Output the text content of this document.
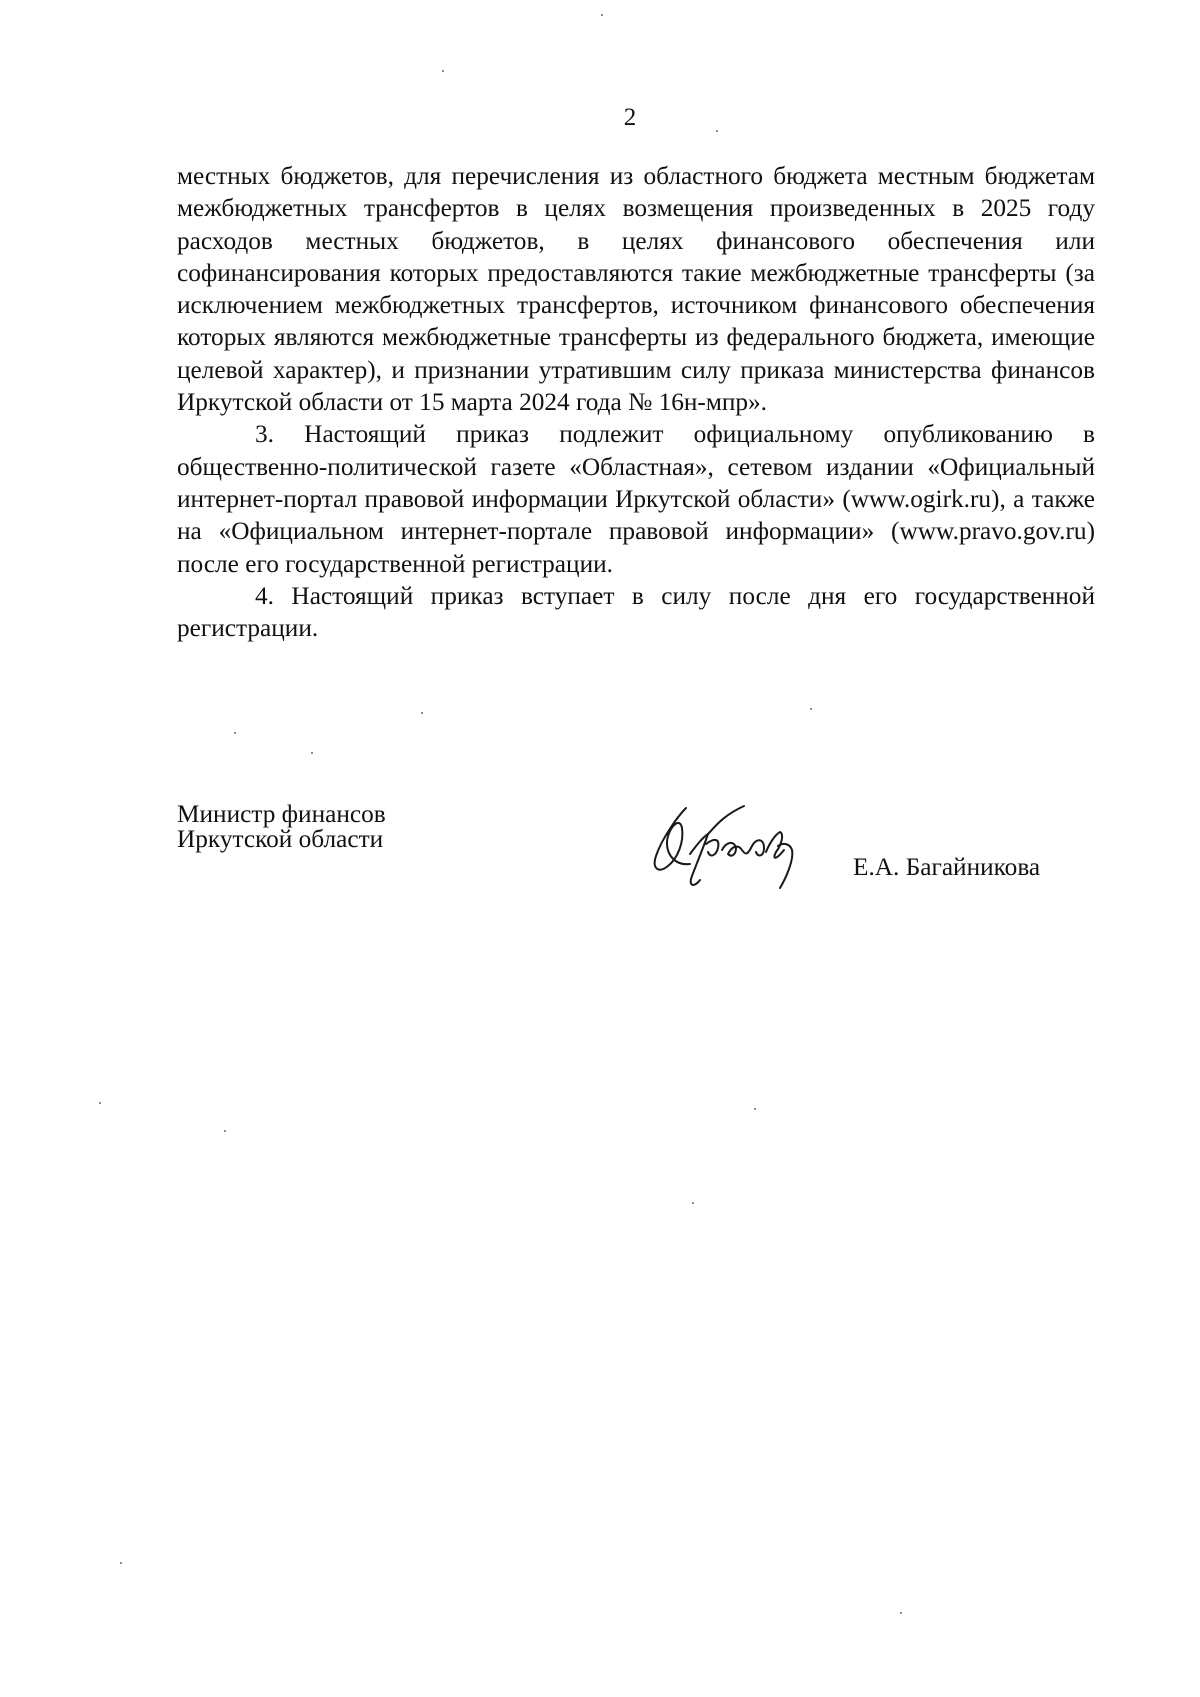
2

местных бюджетов, для перечисления из областного бюджета местным бюджетам межбюджетных трансфертов в целях возмещения произведенных в 2025 году расходов местных бюджетов, в целях финансового обеспечения или софинансирования которых предоставляются такие межбюджетные трансферты (за исключением межбюджетных трансфертов, источником финансового обеспечения которых являются межбюджетные трансферты из федерального бюджета, имеющие целевой характер), и признании утратившим силу приказа министерства финансов Иркутской области от 15 марта 2024 года № 16н-мпр».

3. Настоящий приказ подлежит официальному опубликованию в общественно-политической газете «Областная», сетевом издании «Официальный интернет-портал правовой информации Иркутской области» (www.ogirk.ru), а также на «Официальном интернет-портале правовой информации» (www.pravo.gov.ru) после его государственной регистрации.

4. Настоящий приказ вступает в силу после дня его государственной регистрации.

Министр финансов
Иркутской области
Е.А. Багайникова
